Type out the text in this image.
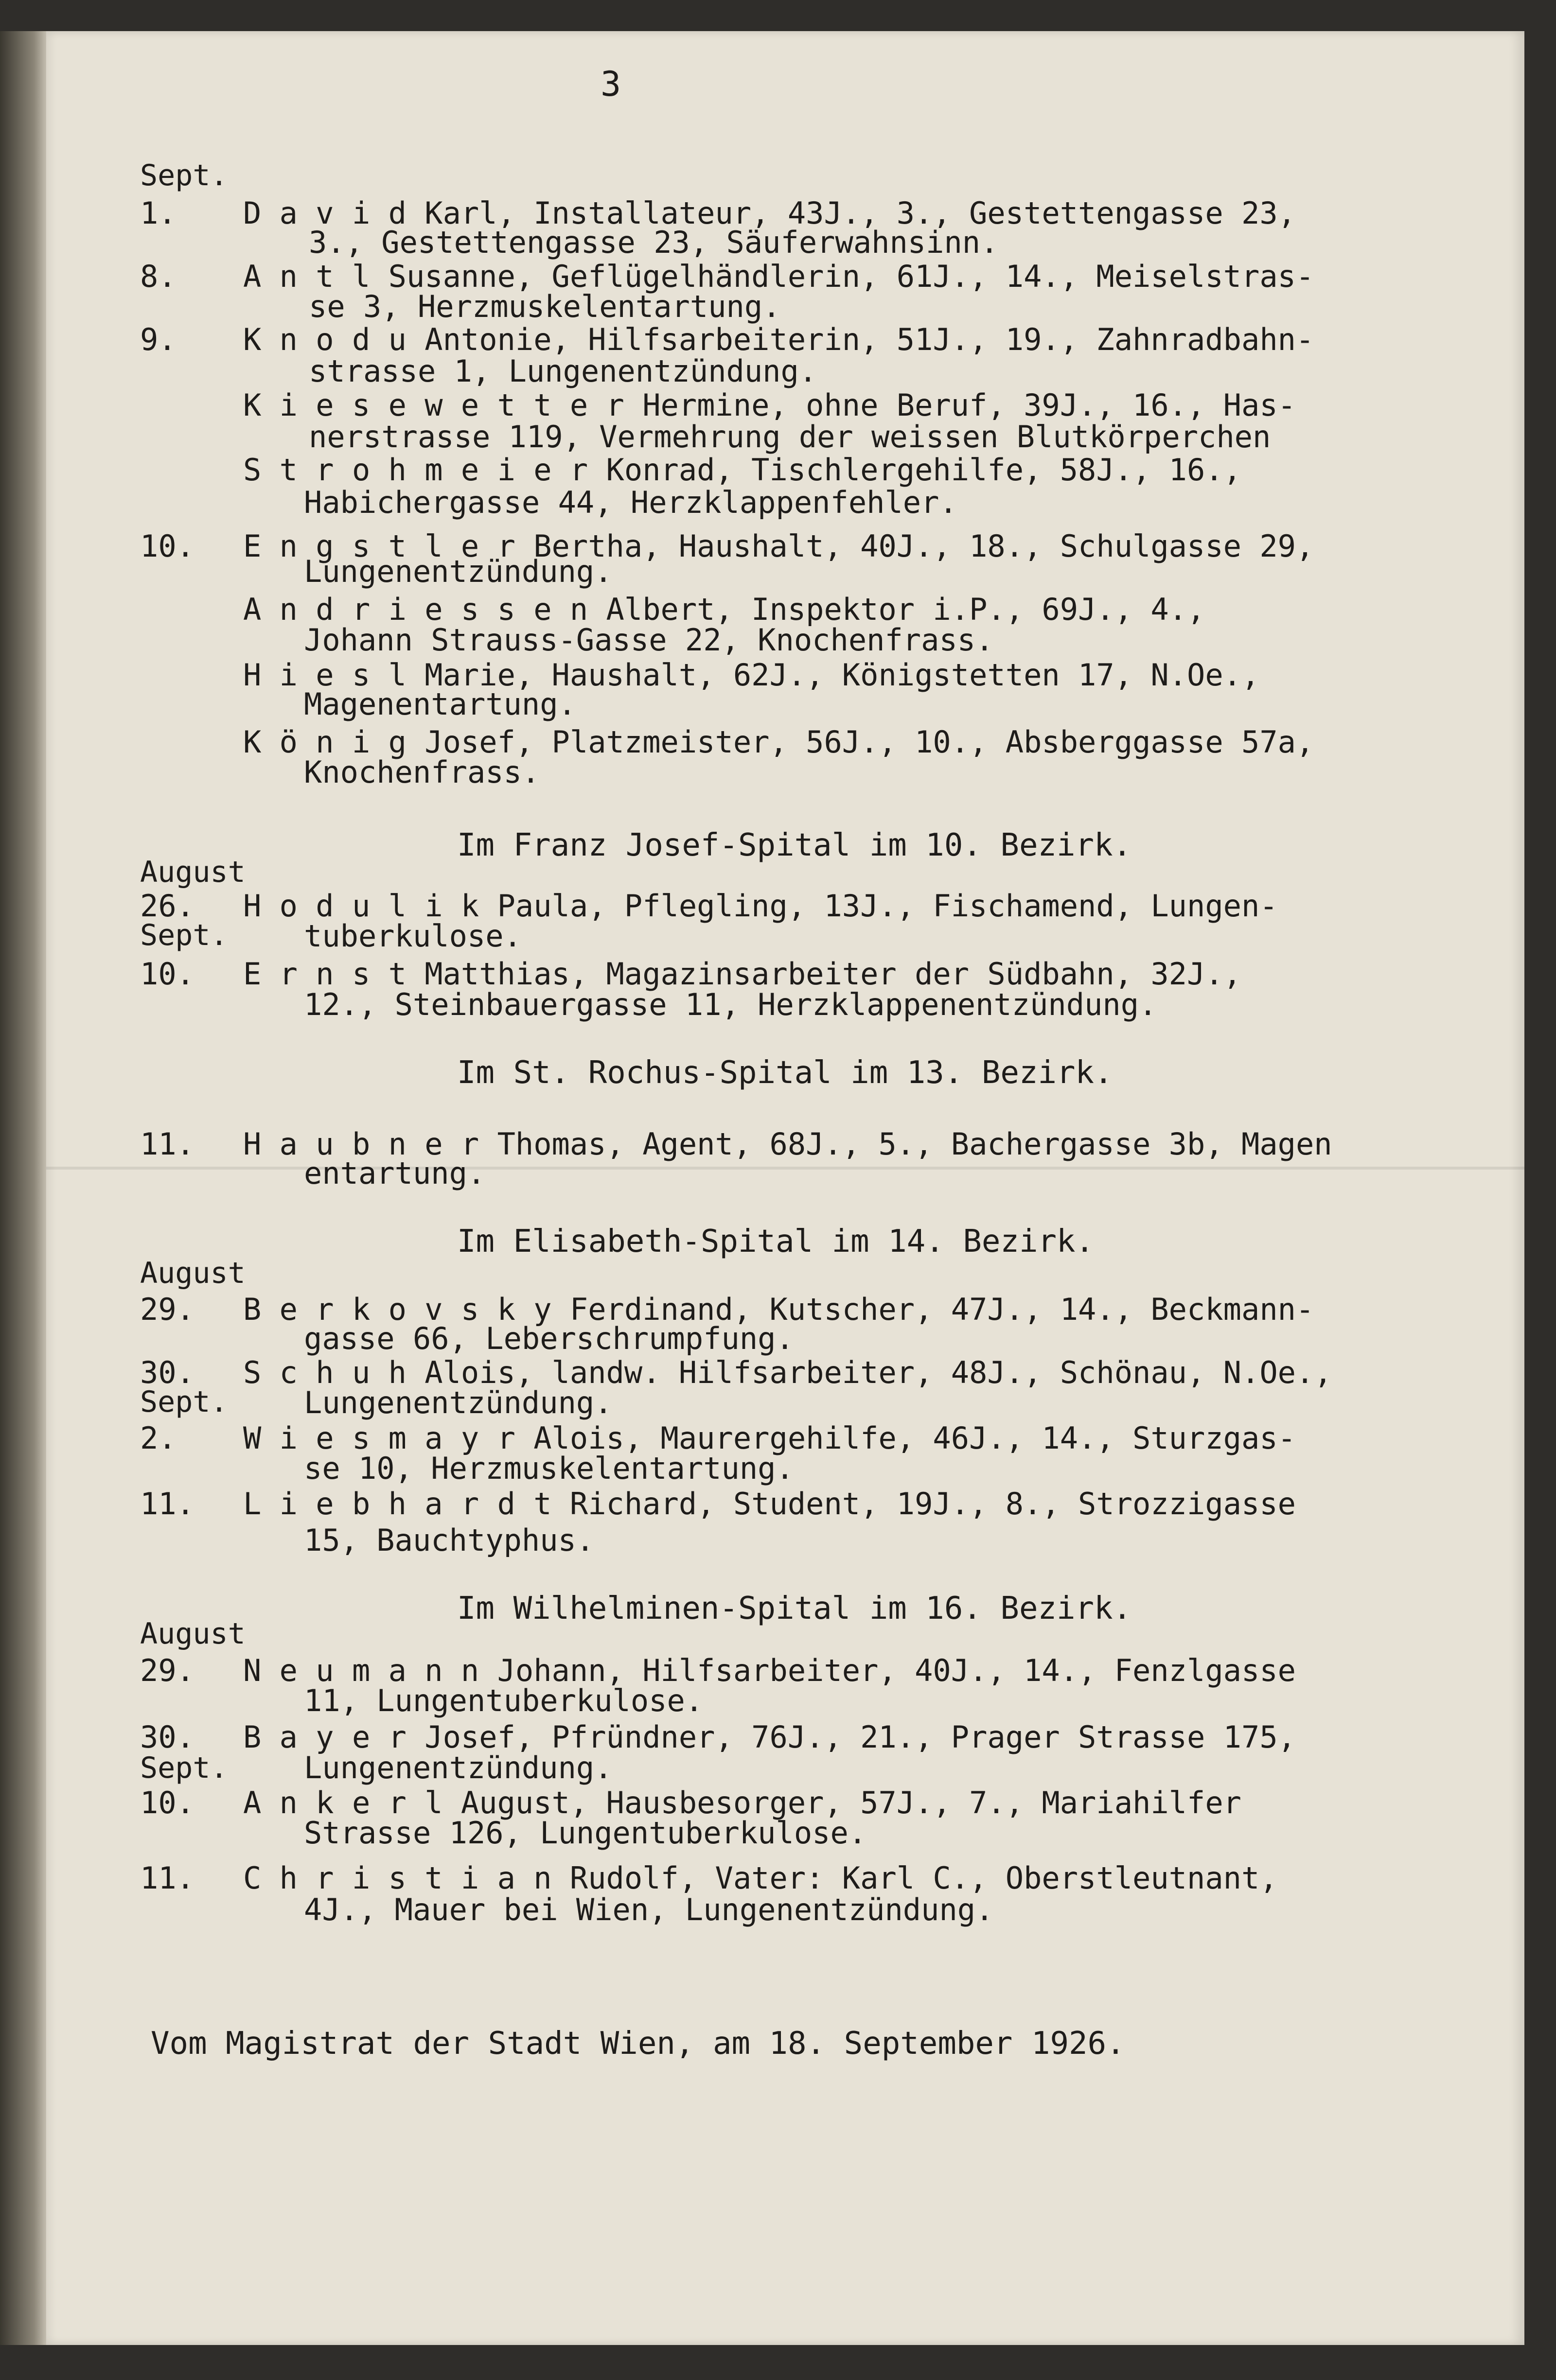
3
Sept.
1. D a v i d Karl, Installateur, 43J., 3., Gestettengasse 23,
3., Gestettengasse 23, Säuferwahnsinn.
8. A n t l Susanne, Geflügelhändlerin, 61J., 14., Meiselstras-
se 3, Herzmuskelentartung.
9. K n o d u Antonie, Hilfsarbeiterin, 51J., 19., Zahnradbahn-
strasse 1, Lungenentzündung.
K i e s e w e t t e r Hermine, ohne Beruf, 39J., 16., Has-
nerstrasse 119, Vermehrung der weissen Blutkörperchen
S t r o h m e i e r Konrad, Tischlergehilfe, 58J., 16.,
Habichergasse 44, Herzklappenfehler.
10. E n g s t l e r Bertha, Haushalt, 40J., 18., Schulgasse 29,
Lungenentzündung.
A n d r i e s s e n Albert, Inspektor i.P., 69J., 4.,
Johann Strauss-Gasse 22, Knochenfrass.
H i e s l Marie, Haushalt, 62J., Königstetten 17, N.Oe.,
Magenentartung.
K ö n i g Josef, Platzmeister, 56J., 10., Absberggasse 57a,
Knochenfrass.
Im Franz Josef-Spital im 10. Bezirk.
August
26. H o d u l i k Paula, Pflegling, 13J., Fischamend, Lungen-
Sept.	tuberkulose.
10. E r n s t Matthias, Magazinsarbeiter der Südbahn, 32J.,
12., Steinbauergasse 11, Herzklappenentzündung.
Im St. Rochus-Spital im 13. Bezirk.
11. H a u b n e r Thomas, Agent, 68J., 5., Bachergasse 3b, Magen
entartung.
Im Elisabeth-Spital im 14. Bezirk.
August
29. B e r k o v s k y Ferdinand, Kutscher, 47J., 14., Beckmann-
gasse 66, Leberschrumpfung.
30. S c h u h Alois, landw. Hilfsarbeiter, 48J., Schönau, N.Oe.,
Sept.	Lungenentzündung.
2. W i e s m a y r Alois, Maurergehilfe, 46J., 14., Sturzgas-
se 10, Herzmuskelentartung.
11. L i e b h a r d t Richard, Student, 19J., 8., Strozzigasse
15, Bauchtyphus.
Im Wilhelminen-Spital im 16. Bezirk.
August
29. N e u m a n n Johann, Hilfsarbeiter, 40J., 14., Fenzlgasse
11, Lungentuberkulose.
30. B a y e r Josef, Pfründner, 76J., 21., Prager Strasse 175,
Sept.	Lungenentzündung.
10. A n k e r l August, Hausbesorger, 57J., 7., Mariahilfer
Strasse 126, Lungentuberkulose.
11. C h r i s t i a n Rudolf, Vater: Karl C., Oberstleutnant,
4J., Mauer bei Wien, Lungenentzündung.
Vom Magistrat der Stadt Wien, am 18. September 1926.
